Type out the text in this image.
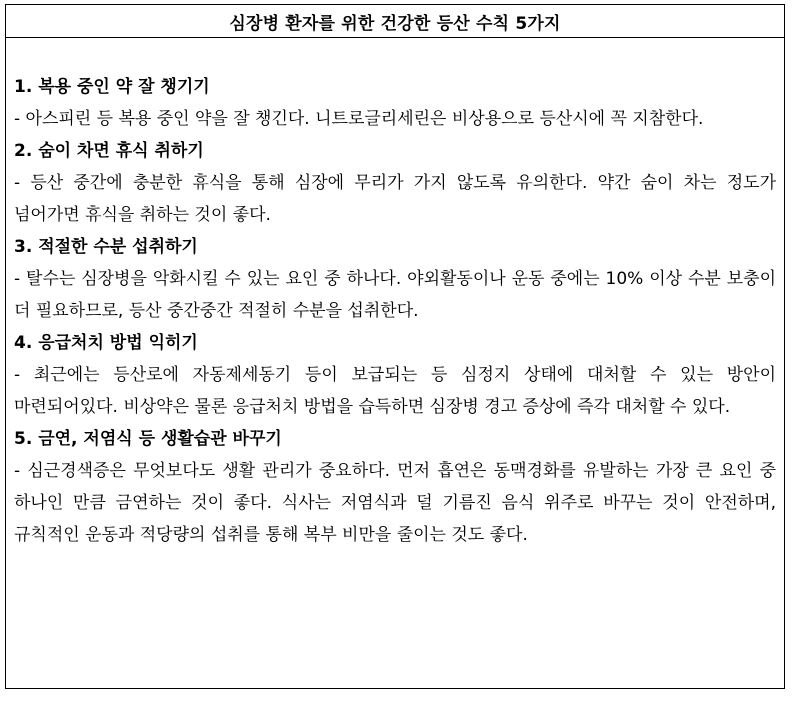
심장병 환자를 위한 건강한 등산 수칙 5가지
1. 복용 중인 약 잘 챙기기
- 아스피린 등 복용 중인 약을 잘 챙긴다. 니트로글리세린은 비상용으로 등산시에 꼭 지참한다.
2. 숨이 차면 휴식 취하기
- 등산 중간에 충분한 휴식을 통해 심장에 무리가 가지 않도록 유의한다. 약간 숨이 차는 정도가 넘어가면 휴식을 취하는 것이 좋다.
3. 적절한 수분 섭취하기
- 탈수는 심장병을 악화시킬 수 있는 요인 중 하나다. 야외활동이나 운동 중에는 10% 이상 수분 보충이 더 필요하므로, 등산 중간중간 적절히 수분을 섭취한다.
4. 응급처치 방법 익히기
- 최근에는 등산로에 자동제세동기 등이 보급되는 등 심정지 상태에 대처할 수 있는 방안이 마련되어있다. 비상약은 물론 응급처치 방법을 습득하면 심장병 경고 증상에 즉각 대처할 수 있다.
5. 금연, 저염식 등 생활습관 바꾸기
- 심근경색증은 무엇보다도 생활 관리가 중요하다. 먼저 흡연은 동맥경화를 유발하는 가장 큰 요인 중 하나인 만큼 금연하는 것이 좋다. 식사는 저염식과 덜 기름진 음식 위주로 바꾸는 것이 안전하며, 규칙적인 운동과 적당량의 섭취를 통해 복부 비만을 줄이는 것도 좋다.
